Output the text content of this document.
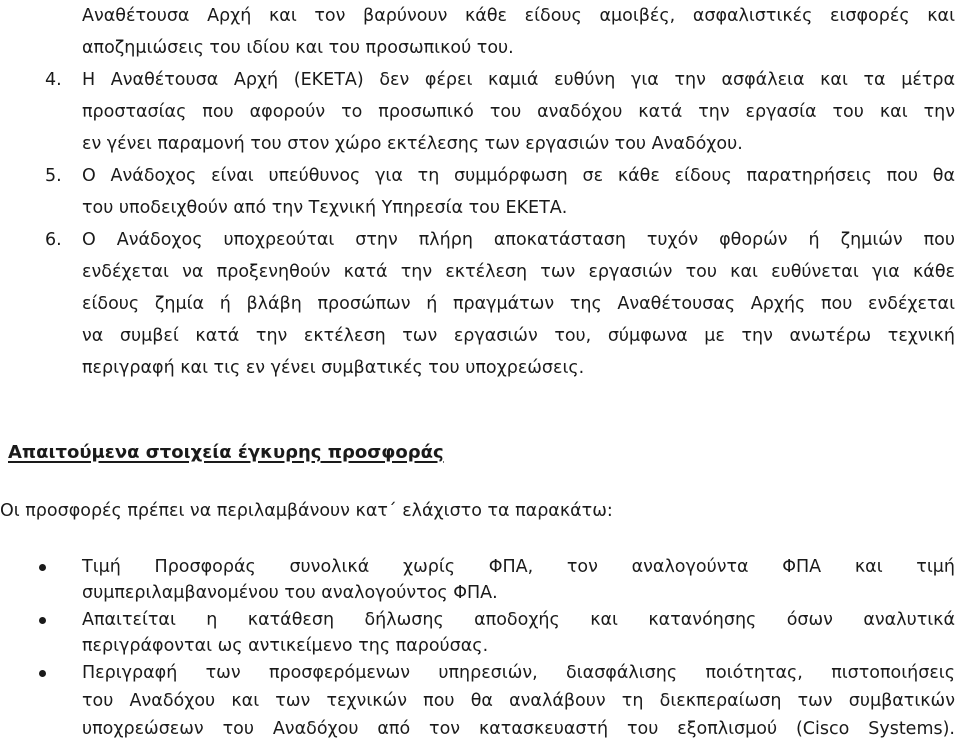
Αναθέτουσα Αρχή και τον βαρύνουν κάθε είδους αμοιβές, ασφαλιστικές εισφορές και
αποζημιώσεις του ιδίου και του προσωπικού του.
4. Η Αναθέτουσα Αρχή (ΕΚΕΤΑ) δεν φέρει καμιά ευθύνη για την ασφάλεια και τα μέτρα
προστασίας που αφορούν το προσωπικό του αναδόχου κατά την εργασία του και την
εν γένει παραμονή του στον χώρο εκτέλεσης των εργασιών του Αναδόχου.
5. Ο Ανάδοχος είναι υπεύθυνος για τη συμμόρφωση σε κάθε είδους παρατηρήσεις που θα
του υποδειχθούν από την Τεχνική Υπηρεσία του ΕΚΕΤΑ.
6. Ο Ανάδοχος υποχρεούται στην πλήρη αποκατάσταση τυχόν φθορών ή ζημιών που
ενδέχεται να προξενηθούν κατά την εκτέλεση των εργασιών του και ευθύνεται για κάθε
είδους ζημία ή βλάβη προσώπων ή πραγμάτων της Αναθέτουσας Αρχής που ενδέχεται
να συμβεί κατά την εκτέλεση των εργασιών του, σύμφωνα με την ανωτέρω τεχνική
περιγραφή και τις εν γένει συμβατικές του υποχρεώσεις.
Απαιτούμενα στοιχεία έγκυρης προσφοράς
Οι προσφορές πρέπει να περιλαμβάνουν κατ΄ ελάχιστο τα παρακάτω:
Τιμή Προσφοράς συνολικά χωρίς ΦΠΑ, τον αναλογούντα ΦΠΑ και τιμή
συμπεριλαμβανομένου του αναλογούντος ΦΠΑ.
Απαιτείται η κατάθεση δήλωσης αποδοχής και κατανόησης όσων αναλυτικά
περιγράφονται ως αντικείμενο της παρούσας.
Περιγραφή των προσφερόμενων υπηρεσιών, διασφάλισης ποιότητας, πιστοποιήσεις
του Αναδόχου και των τεχνικών που θα αναλάβουν τη διεκπεραίωση των συμβατικών
υποχρεώσεων του Αναδόχου από τον κατασκευαστή του εξοπλισμού (Cisco Systems).
